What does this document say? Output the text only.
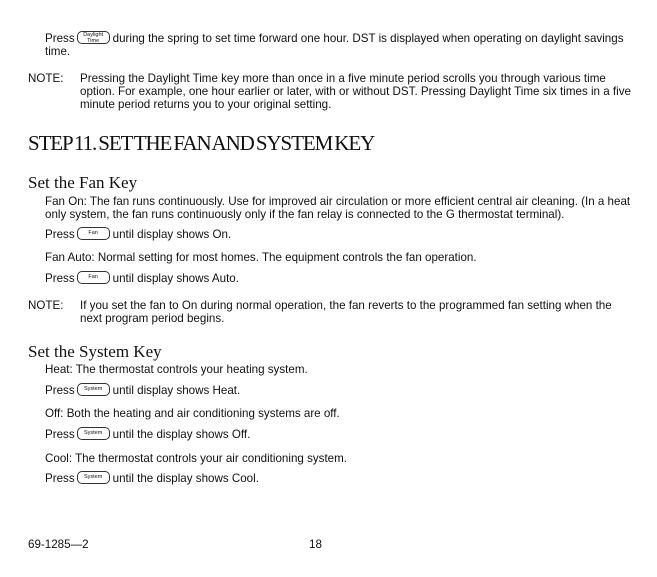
Press Daylight
Time during the spring to set time forward one hour. DST is displayed when operating on daylight savings
time.
NOTE: Pressing the Daylight Time key more than once in a five minute period scrolls you through various time
option. For example, one hour earlier or later, with or without DST. Pressing Daylight Time six times in a five
minute period returns you to your original setting.
STEP 11. SET THE FAN AND SYSTEM KEY
Set the Fan Key
Fan On: The fan runs continuously. Use for improved air circulation or more efficient central air cleaning. (In a heat
only system, the fan runs continuously only if the fan relay is connected to the G thermostat terminal).
Press	Fan until display shows On.
Fan Auto: Normal setting for most homes. The equipment controls the fan operation.
Press	Fan until display shows Auto.
NOTE: If you set the fan to On during normal operation, the fan reverts to the programmed fan setting when the
next program period begins.
Set the System Key
Heat: The thermostat controls your heating system.
Press System until display shows Heat.
Off: Both the heating and air conditioning systems are off.
Press System until the display shows Off.
Cool: The thermostat controls your air conditioning system.
Press System until the display shows Cool.
69-1285—2	18
